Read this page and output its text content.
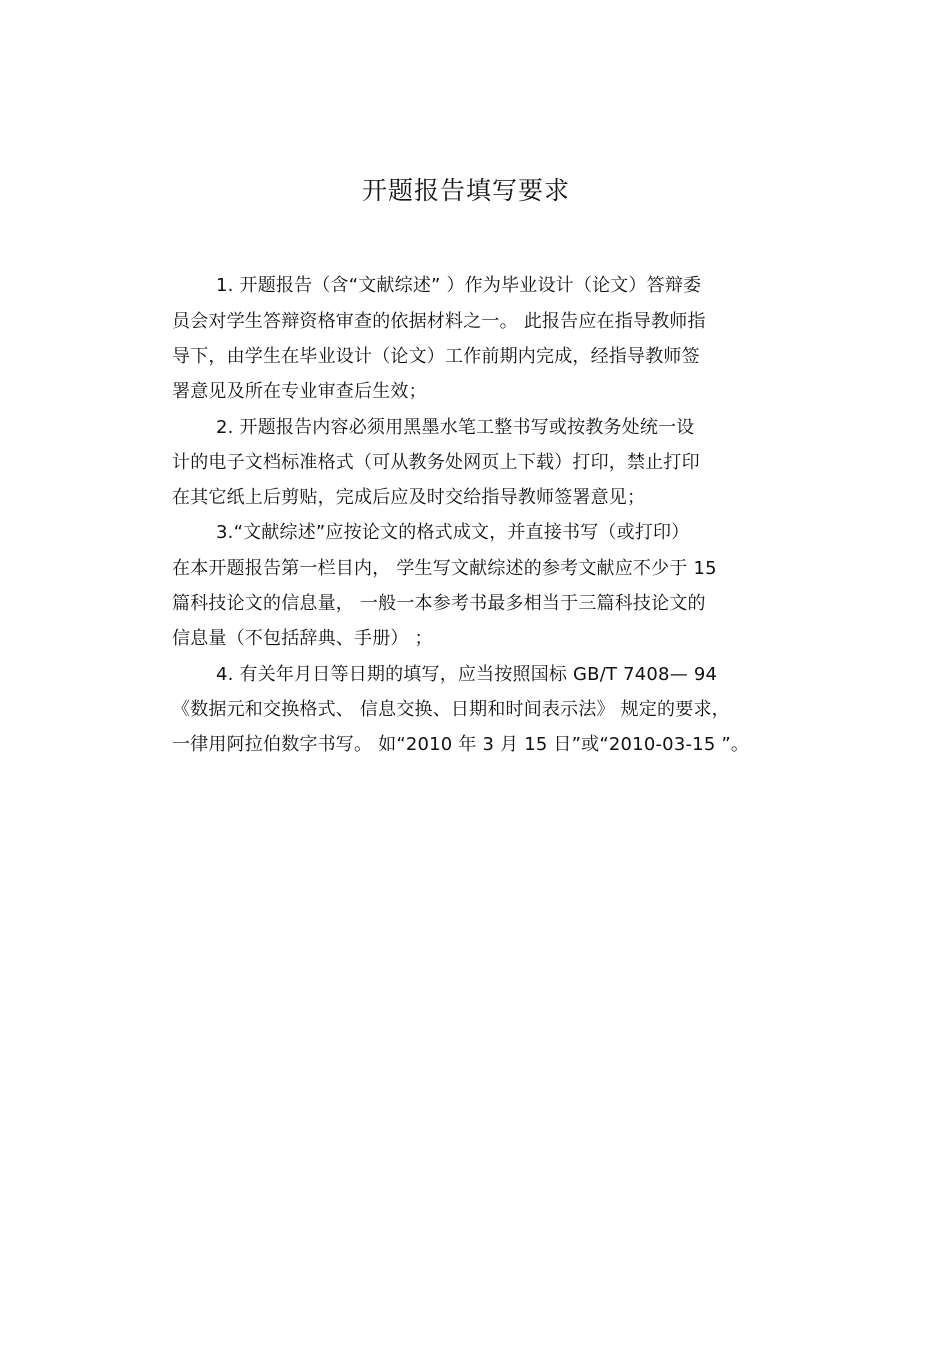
开题报告填写要求
1. 开题报告（含“文献综述” ）作为毕业设计（论文）答辩委
员会对学生答辩资格审查的依据材料之一。 此报告应在指导教师指
导下，由学生在毕业设计（论文）工作前期内完成，经指导教师签
署意见及所在专业审查后生效；
2. 开题报告内容必须用黑墨水笔工整书写或按教务处统一设
计的电子文档标准格式（可从教务处网页上下载）打印，禁止打印
在其它纸上后剪贴，完成后应及时交给指导教师签署意见；
3.“文献综述”应按论文的格式成文，并直接书写（或打印）
在本开题报告第一栏目内， 学生写文献综述的参考文献应不少于 15
篇科技论文的信息量， 一般一本参考书最多相当于三篇科技论文的
信息量（不包括辞典、手册） ；
4. 有关年月日等日期的填写，应当按照国标 GB/T 7408— 94
《数据元和交换格式、 信息交换、日期和时间表示法》 规定的要求，
一律用阿拉伯数字书写。 如“2010 年 3 月 15 日”或“2010-03-15 ”。
